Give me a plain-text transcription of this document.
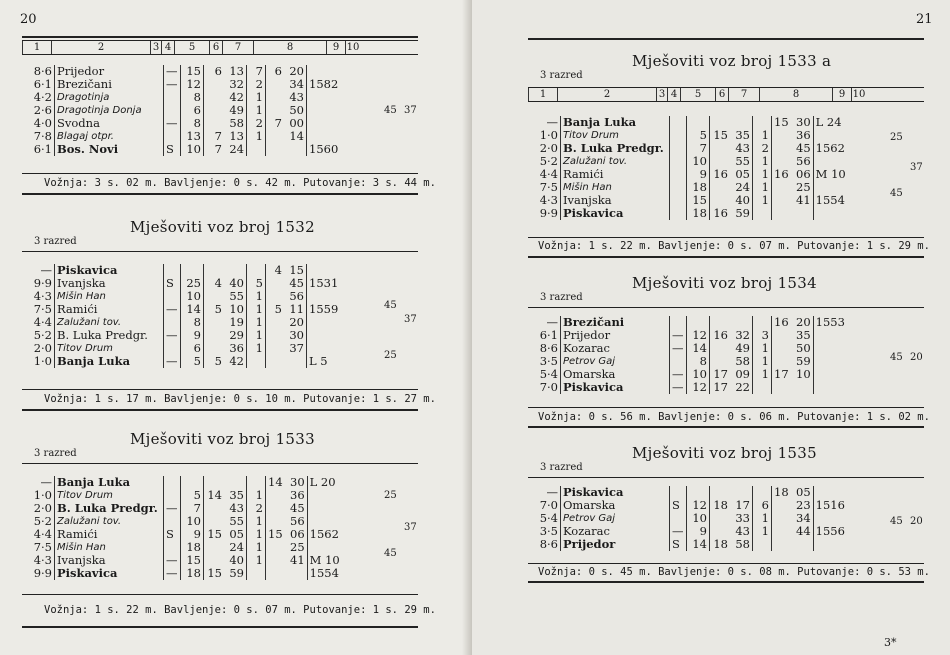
20
1	2	3 4	5	6	7	8	9 10
8·6	Prijedor	—	15	6	13	7	6	20	
6·1	Brezičani	—	12		32	2		34	1582
4·2	Dragotinja		8		42	1		43	
2·6	Dragotinja Donja		6		49	1		50	
4·0	Svodna	—	8		58	2	7	00	
7·8	Blagaj otpr.		13	7	13	1		14	
6·1	Bos. Novi	S	10	7	24				1560
45 37
Vožnja: 3 s. 02 m. Bavljenje: 0 s. 42 m. Putovanje: 3 s. 44 m.
Mješoviti voz broj 1532
3 razred
—	Piskavica						4	15	
9·9	Ivanjska	S	25	4	40	5		45	1531
4·3	Mišin Han		10		55	1		56	
7·5	Ramići	—	14	5	10	1	5	11	1559
4·4	Zalužani tov.		8		19	1		20	
5·2	B. Luka Predgr.	—	9		29	1		30	
2·0	Titov Drum		6		36	1		37	
1·0	Banja Luka	—	5	5	42				L 5
45
25
37
Vožnja: 1 s. 17 m. Bavljenje: 0 s. 10 m. Putovanje: 1 s. 27 m.
Mješoviti voz broj 1533
3 razred
—	Banja Luka						14	30	L 20
1·0	Titov Drum		5	14	35	1		36	
2·0	B. Luka Predgr.	—	7		43	2		45	
5·2	Zalužani tov.		10		55	1		56	
4·4	Ramići	S	9	15	05	1	15	06	1562
7·5	Mišin Han		18		24	1		25	
4·3	Ivanjska	—	15		40	1		41	M 10
9·9	Piskavica	—	18	15	59				1554
25
45
37
Vožnja: 1 s. 22 m. Bavljenje: 0 s. 07 m. Putovanje: 1 s. 29 m.
21
Mješoviti voz broj 1533 a
3 razred
1	2	3 4	5	6	7	8	9 10
—	Banja Luka						15	30	L 24
1·0	Titov Drum		5	15	35	1		36	
2·0	B. Luka Predgr.		7		43	2		45	1562
5·2	Zalužani tov.		10		55	1		56	
4·4	Ramići		9	16	05	1	16	06	M 10
7·5	Mišin Han		18		24	1		25	
4·3	Ivanjska		15		40	1		41	1554
9·9	Piskavica		18	16	59				
25
45
37
Vožnja: 1 s. 22 m. Bavljenje: 0 s. 07 m. Putovanje: 1 s. 29 m.
Mješoviti voz broj 1534
3 razred
—	Brezičani						16	20	1553
6·1	Prijedor	—	12	16	32	3		35	
8·6	Kozarac	—	14		49	1		50	
3·5	Petrov Gaj		8		58	1		59	
5·4	Omarska	—	10	17	09	1	17	10	
7·0	Piskavica	—	12	17	22				
45 20
Vožnja: 0 s. 56 m. Bavljenje: 0 s. 06 m. Putovanje: 1 s. 02 m.
Mješoviti voz broj 1535
3 razred
—	Piskavica						18	05	
7·0	Omarska	S	12	18	17	6		23	1516
5·4	Petrov Gaj		10		33	1		34	
3·5	Kozarac	—	9		43	1		44	1556
8·6	Prijedor	S	14	18	58				
45 20
Vožnja: 0 s. 45 m. Bavljenje: 0 s. 08 m. Putovanje: 0 s. 53 m.
3*
